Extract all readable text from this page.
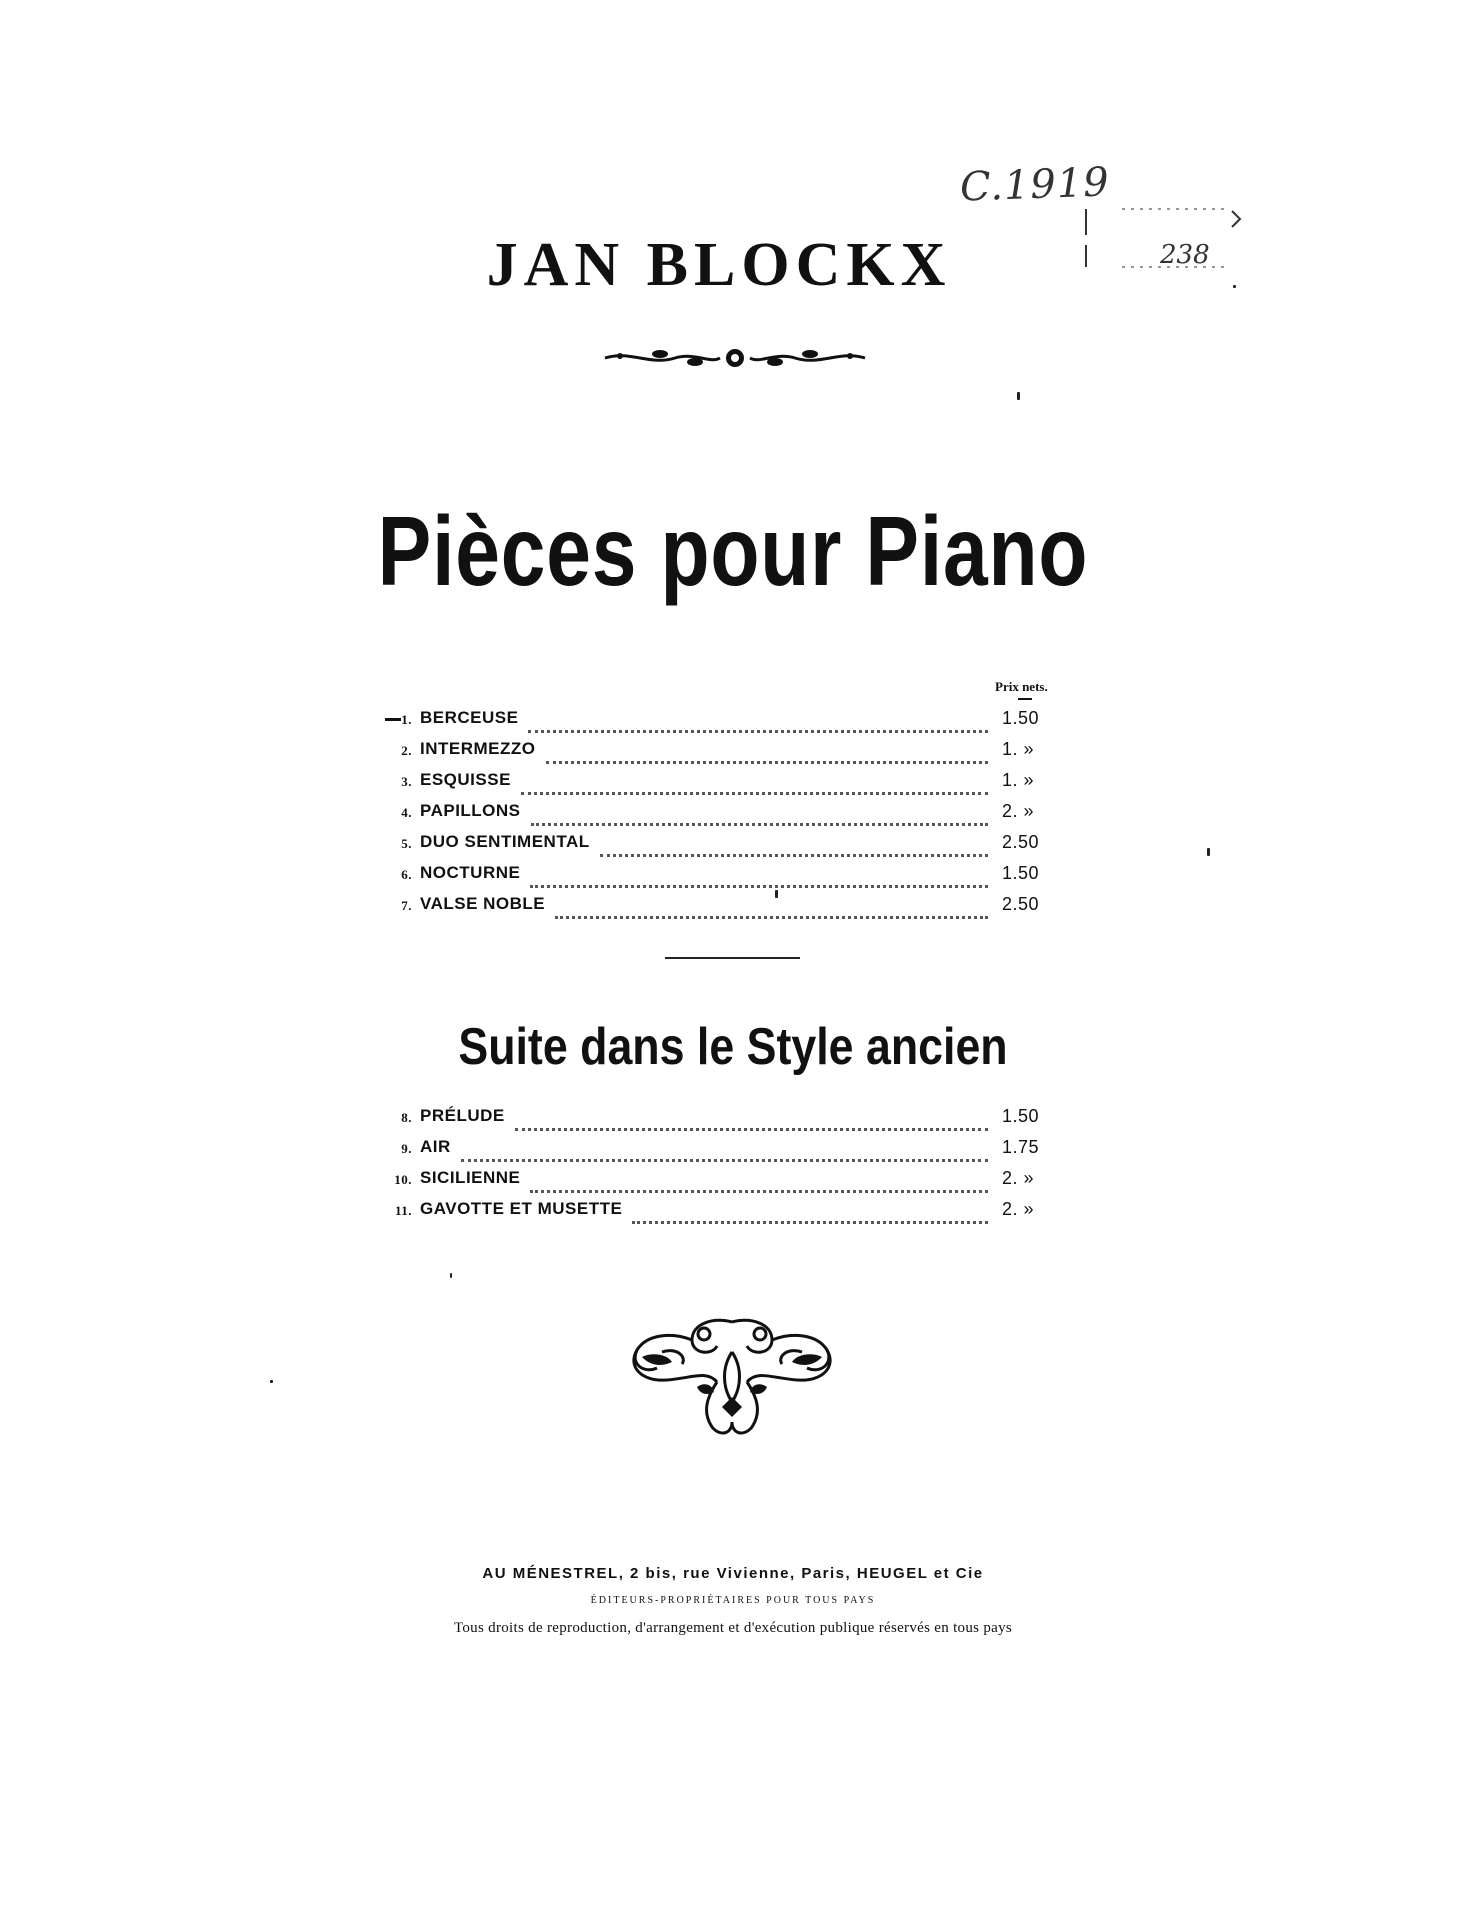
C.1919
238
JAN BLOCKX
Pièces pour Piano
Prix nets.
1. BERCEUSE	1.50
2. INTERMEZZO	1. »
3. ESQUISSE	1. »
4. PAPILLONS	2. »
5. DUO SENTIMENTAL	2.50
6. NOCTURNE	1.50
7. VALSE NOBLE	2.50
Suite dans le Style ancien
8. PRÉLUDE	1.50
9. AIR	1.75
10. SICILIENNE	2. »
11. GAVOTTE ET MUSETTE	2. »
AU MÉNESTREL, 2 bis, rue Vivienne, Paris, HEUGEL et Cie
ÉDITEURS-PROPRIÉTAIRES POUR TOUS PAYS
Tous droits de reproduction, d'arrangement et d'exécution publique réservés en tous pays
